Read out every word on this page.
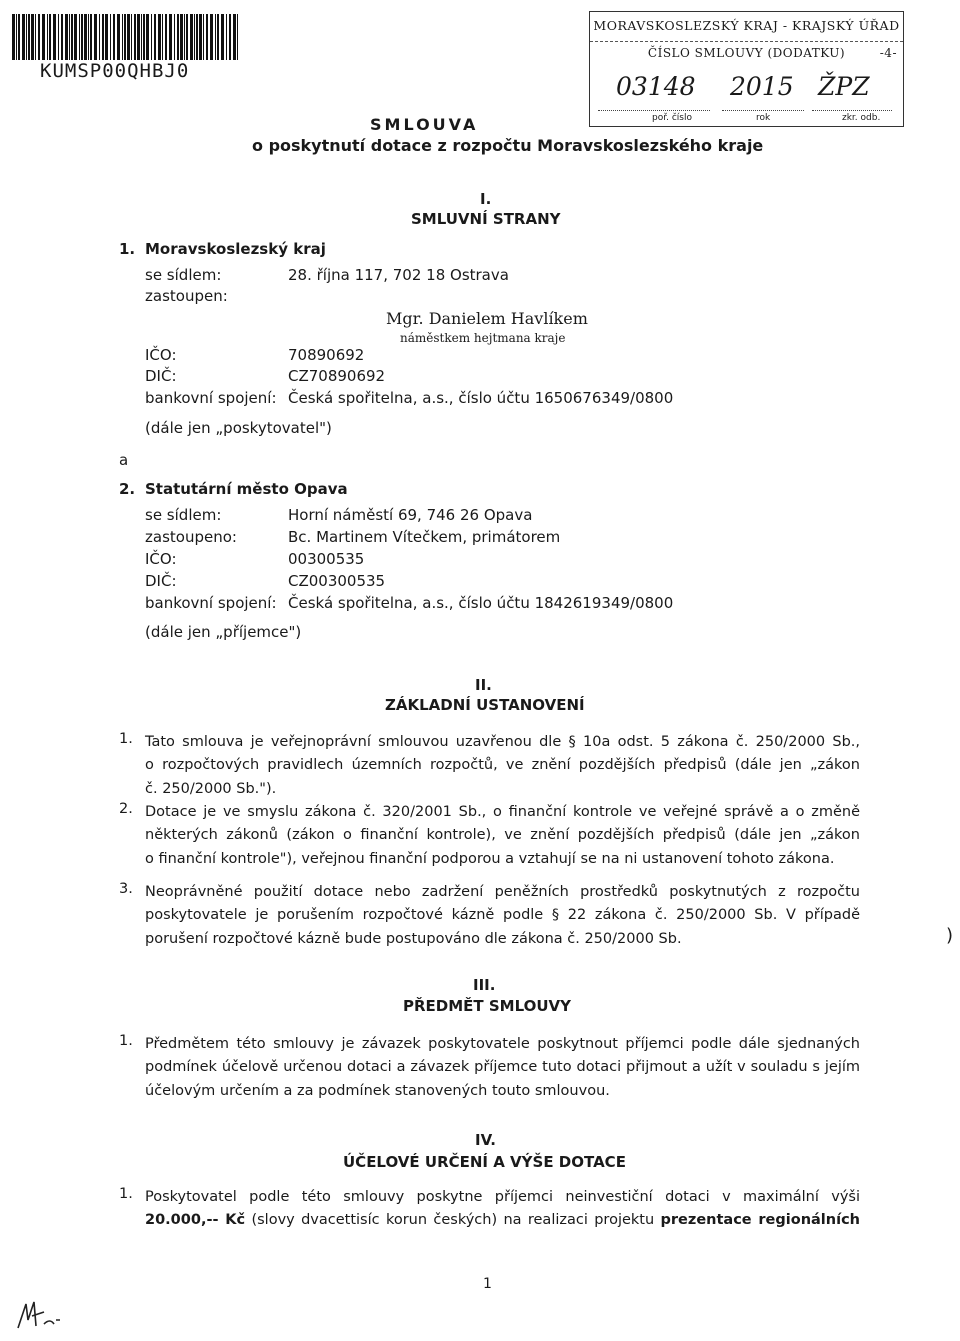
KUMSP00QHBJ0
MORAVSKOSLEZSKÝ KRAJ - KRAJSKÝ ÚŘAD
ČÍSLO SMLOUVY (DODATKU)	-4-
03148 2015 ŽPZ
poř. číslo	rok	zkr. odb.
SMLOUVA
o poskytnutí dotace z rozpočtu Moravskoslezského kraje
I.
SMLUVNÍ STRANY
1. Moravskoslezský kraj
se sídlem:	28. října 117, 702 18 Ostrava
zastoupen:
Mgr. Danielem Havlíkem
náměstkem hejtmana kraje
IČO:	70890692
DIČ:	CZ70890692
bankovní spojení: Česká spořitelna, a.s., číslo účtu 1650676349/0800
(dále jen „poskytovatel")
a
2. Statutární město Opava
se sídlem:	Horní náměstí 69, 746 26 Opava
zastoupeno:	Bc. Martinem Vítečkem, primátorem
IČO:	00300535
DIČ:	CZ00300535
bankovní spojení: Česká spořitelna, a.s., číslo účtu 1842619349/0800
(dále jen „příjemce")
II.
ZÁKLADNÍ USTANOVENÍ
1. Tato smlouva je veřejnoprávní smlouvou uzavřenou dle § 10a odst. 5 zákona č. 250/2000 Sb.,
o rozpočtových pravidlech územních rozpočtů, ve znění pozdějších předpisů (dále jen „zákon
č. 250/2000 Sb.").
2. Dotace je ve smyslu zákona č. 320/2001 Sb., o finanční kontrole ve veřejné správě a o změně
některých zákonů (zákon o finanční kontrole), ve znění pozdějších předpisů (dále jen „zákon
o finanční kontrole"), veřejnou finanční podporou a vztahují se na ni ustanovení tohoto zákona.
3. Neoprávněné použití dotace nebo zadržení peněžních prostředků poskytnutých z rozpočtu
poskytovatele je porušením rozpočtové kázně podle § 22 zákona č. 250/2000 Sb. V případě
porušení rozpočtové kázně bude postupováno dle zákona č. 250/2000 Sb.	)
III.
PŘEDMĚT SMLOUVY
1. Předmětem této smlouvy je závazek poskytovatele poskytnout příjemci podle dále sjednaných
podmínek účelově určenou dotaci a závazek příjemce tuto dotaci přijmout a užít v souladu s jejím
účelovým určením a za podmínek stanovených touto smlouvou.
IV.
ÚČELOVÉ URČENÍ A VÝŠE DOTACE
1. Poskytovatel podle této smlouvy poskytne příjemci neinvestiční dotaci v maximální výši
20.000,-- Kč (slovy dvacettisíc korun českých) na realizaci projektu prezentace regionálních
1
